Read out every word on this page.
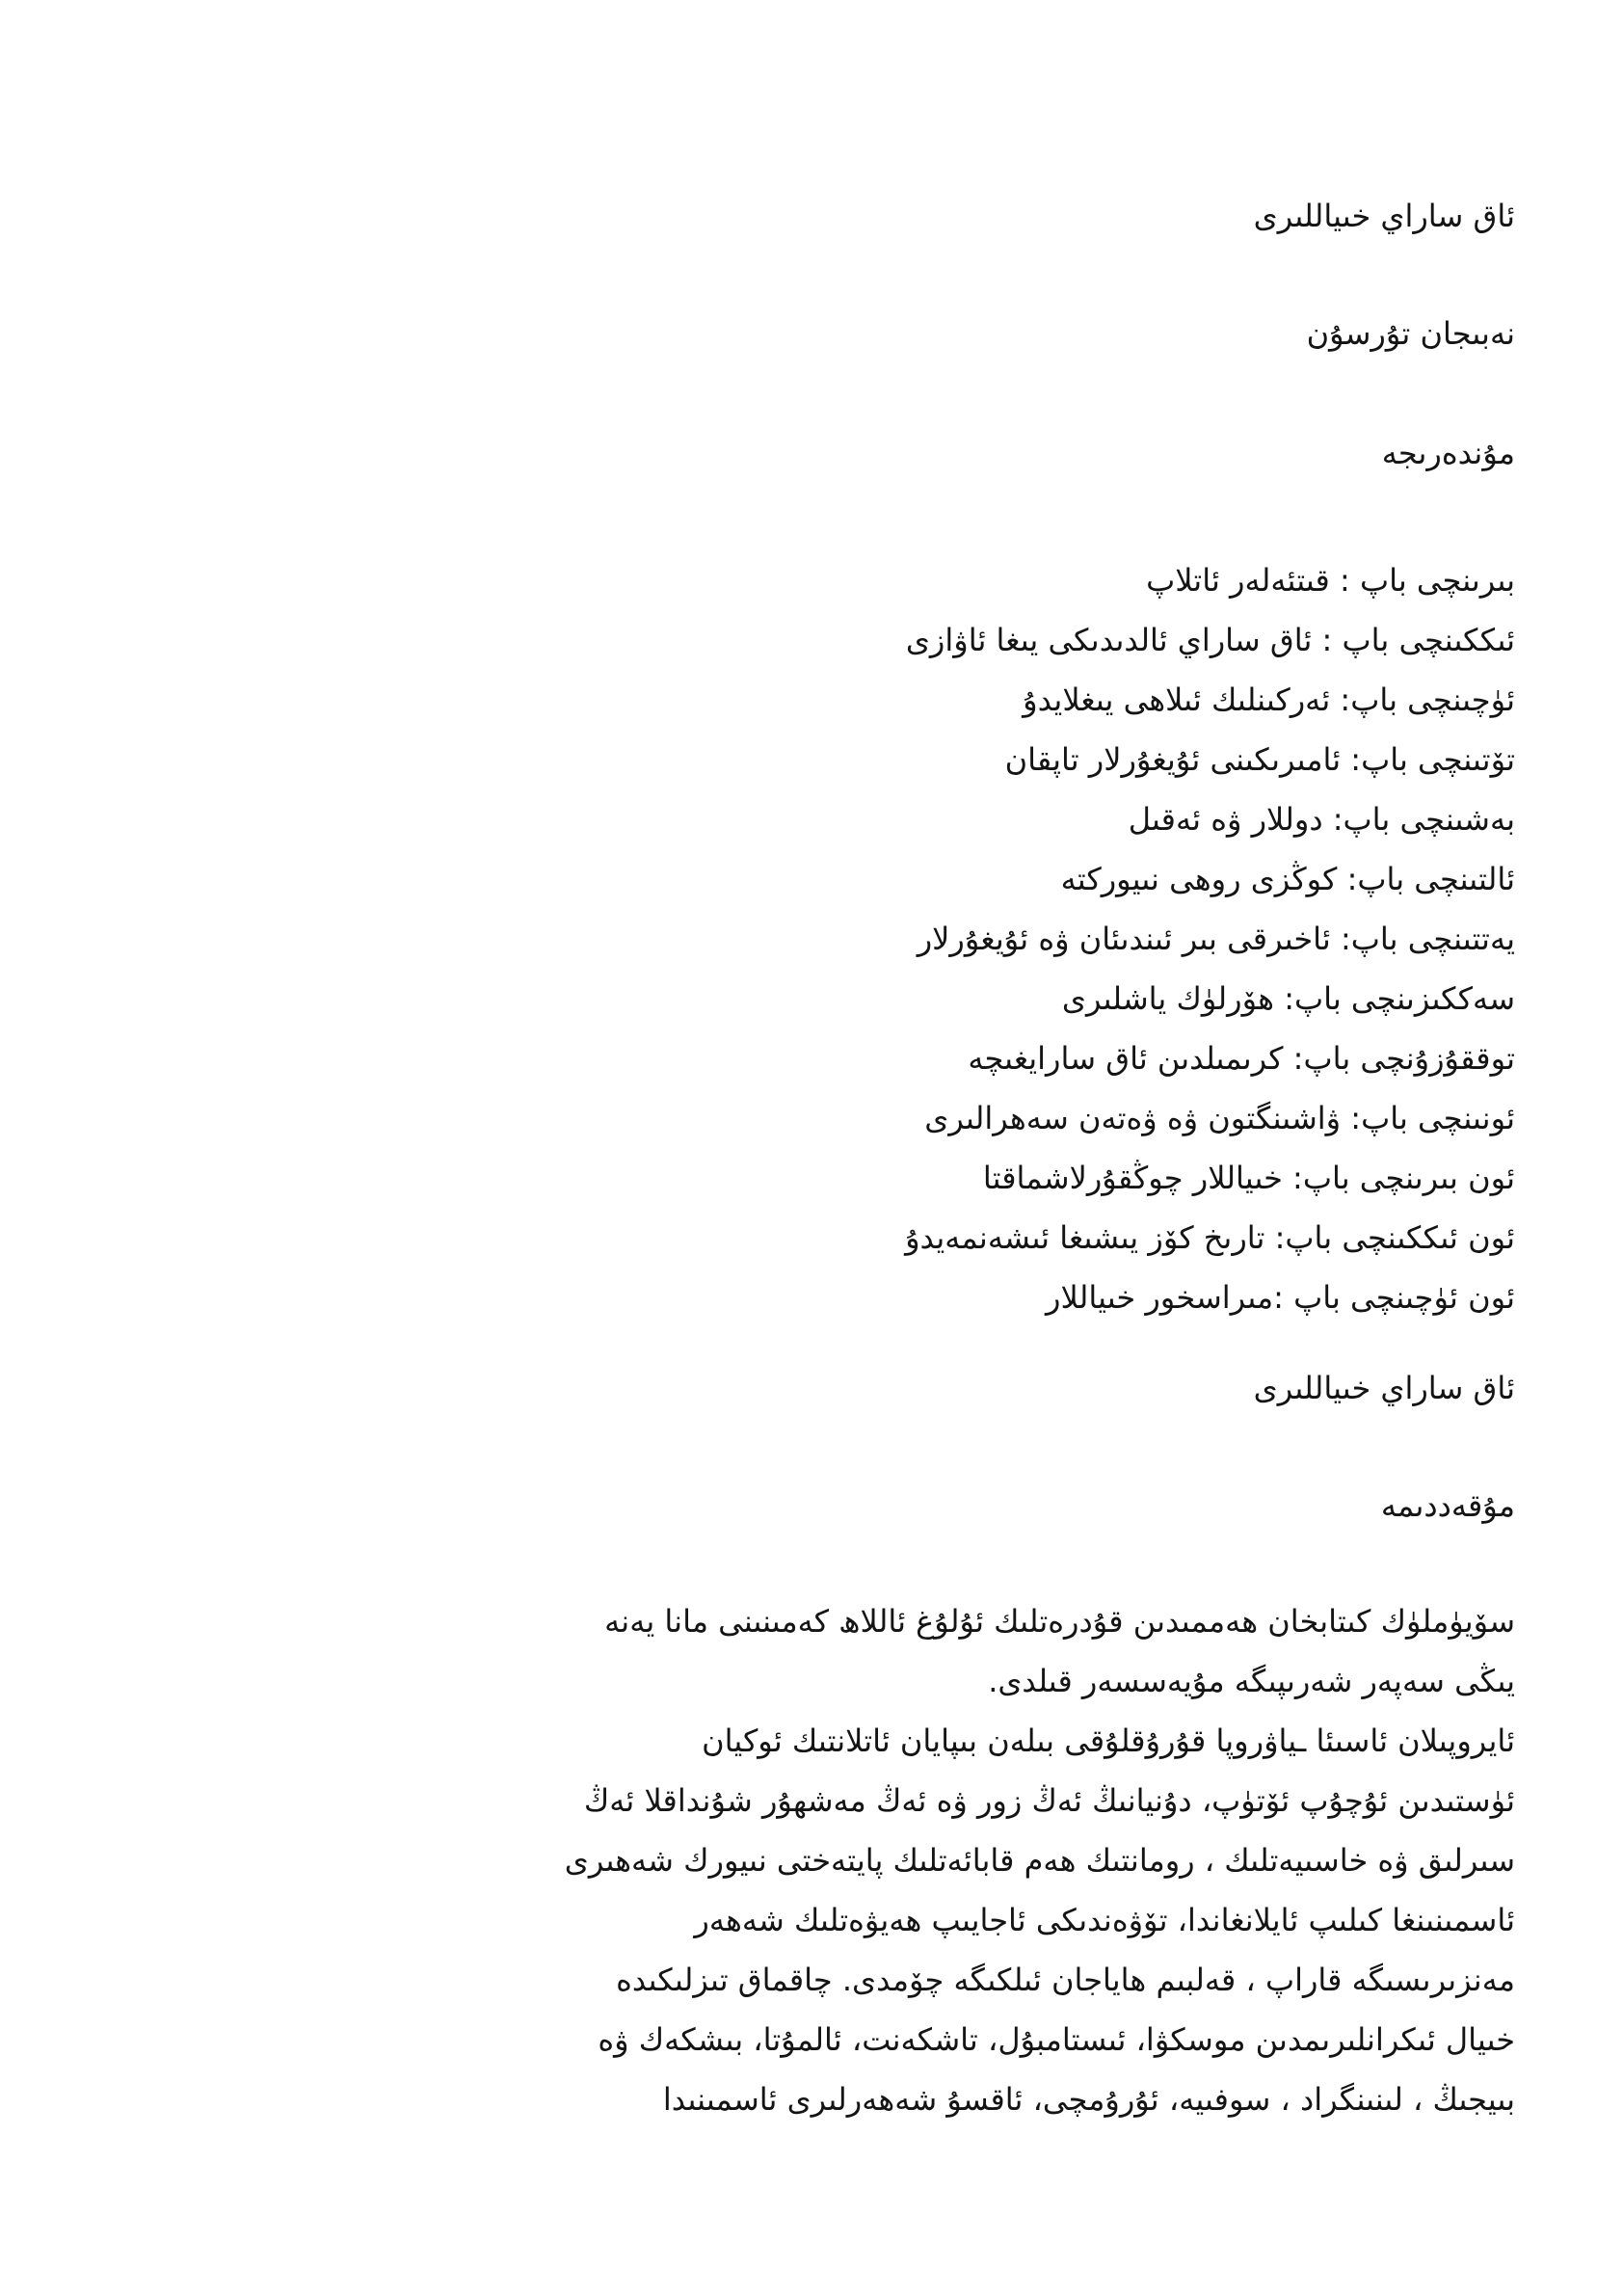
ئاق ساراي خىياللىرى
نەبىجان تۇرسۇن
مۇندەرىجە
بىرىنچى باپ : قىتئەلەر ئاتلاپ
ئىككىنچى باپ : ئاق ساراي ئالدىدىكى يىغا ئاۋازى
ئۈچىنچى باپ: ئەركىنلىك ئىلاھى يىغلايدۇ
تۆتىنچى باپ: ئامىرىكىنى ئۇيغۇرلار تاپقان
بەشىنچى باپ: دوللار ۋە ئەقىل
ئالتىنچى باپ: كوڭزى روھى نىيوركتە
يەتتىنچى باپ: ئاخىرقى بىر ئىندىئان ۋە ئۇيغۇرلار
سەككىزىنچى باپ: ھۆرلۈك ياشلىرى
توققۇزۇنچى باپ: كرىمىلدىن ئاق سارايغىچە
ئونىنچى باپ: ۋاشىنگتون ۋە ۋەتەن سەھرالىرى
ئون بىرىنچى باپ: خىياللار چوڭقۇرلاشماقتا
ئون ئىككىنچى باپ: تارىخ كۆز يىشىغا ئىشەنمەيدۇ
ئون ئۈچىنچى باپ :مىراسخور خىياللار
ئاق ساراي خىياللىرى
مۇقەددىمە
سۆيۈملۈك كىتابخان ھەممىدىن قۇدرەتلىك ئۇلۇغ ئاللاھ كەمىنىنى مانا يەنە
يىڭى سەپەر شەرىپىگە مۇيەسسەر قىلدى.
ئايروپىلان ئاسىئا ـياۋروپا قۇرۇقلۇقى بىلەن بىپايان ئاتلانتىك ئوكيان
ئۈستىدىن ئۇچۇپ ئۆتۈپ، دۇنيانىڭ ئەڭ زور ۋە ئەڭ مەشھۇر شۇنداقلا ئەڭ
سىرلىق ۋە خاسىيەتلىك ، رومانتىك ھەم قابائەتلىك پايتەختى نىيورك شەھىرى
ئاسمىنىنغا كىلىپ ئايلانغاندا، تۆۋەندىكى ئاجايىپ ھەيۋەتلىك شەھەر
مەنزىرىسىگە قاراپ ، قەلبىم ھاياجان ئىلكىگە چۆمدى. چاقماق تىزلىكىدە
خىيال ئىكرانلىرىمدىن موسكۋا، ئىستامبۇل، تاشكەنت، ئالمۇتا، بىشكەك ۋە
بىيجىڭ ، لىنىنگراد ، سوفىيە، ئۇرۇمچى، ئاقسۇ شەھەرلىرى ئاسمىنىدا
